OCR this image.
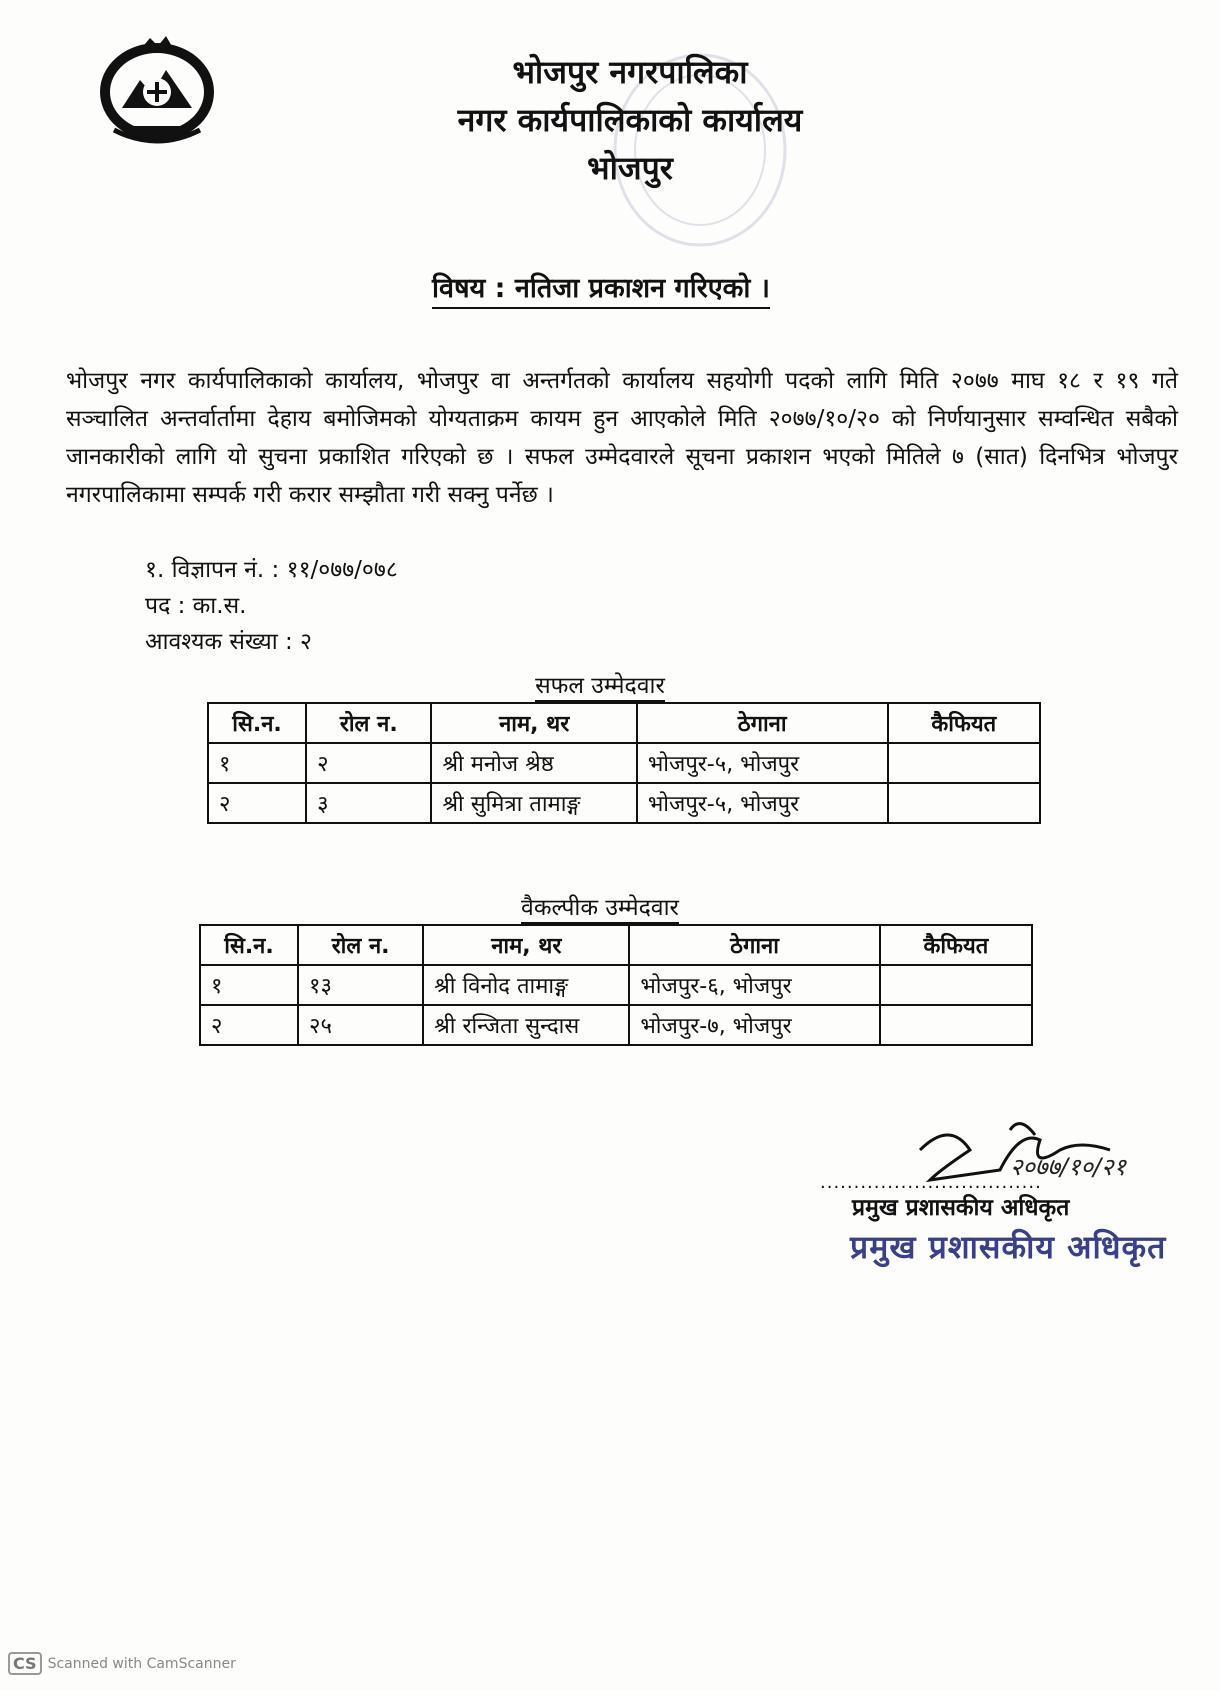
भोजपुर नगरपालिका
नगर कार्यपालिकाको कार्यालय
भोजपुर
विषय : नतिजा प्रकाशन गरिएको ।
भोजपुर नगर कार्यपालिकाको कार्यालय, भोजपुर वा अन्तर्गतको कार्यालय सहयोगी पदको लागि मिति २०७७ माघ १८ र १९ गते सञ्चालित अन्तर्वार्तामा देहाय बमोजिमको योग्यताक्रम कायम हुन आएकोले मिति २०७७/१०/२० को निर्णयानुसार सम्वन्धित सबैको जानकारीको लागि यो सुचना प्रकाशित गरिएको छ । सफल उम्मेदवारले सूचना प्रकाशन भएको मितिले ७ (सात) दिनभित्र भोजपुर नगरपालिकामा सम्पर्क गरी करार सम्झौता गरी सक्नु पर्नेछ ।
१. विज्ञापन नं. : ११/०७७/०७८
पद : का.स.
आवश्यक संख्या : २
सफल उम्मेदवार
सि.न.	रोल न.	नाम, थर	ठेगाना	कैफियत
१	२	श्री मनोज श्रेष्ठ	भोजपुर-५, भोजपुर	
२	३	श्री सुमित्रा तामाङ्ग	भोजपुर-५, भोजपुर	
वैकल्पीक उम्मेदवार
सि.न.	रोल न.	नाम, थर	ठेगाना	कैफियत
१	१३	श्री विनोद तामाङ्ग	भोजपुर-६, भोजपुर	
२	२५	श्री रन्जिता सुन्दास	भोजपुर-७, भोजपुर	
.................................
२०७७/१०/२१
प्रमुख प्रशासकीय अधिकृत
प्रमुख प्रशासकीय अधिकृत
CS Scanned with CamScanner
